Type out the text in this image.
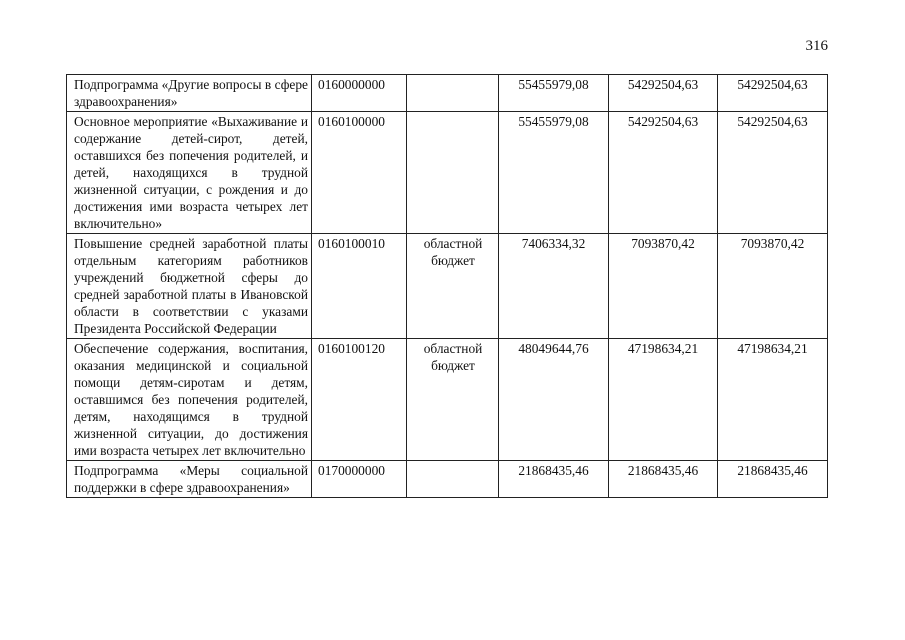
316
Подпрограмма «Другие вопросы в сфере здравоохранения»	0160000000		55455979,08	54292504,63	54292504,63
Основное мероприятие «Выхаживание и содержание детей-сирот, детей, оставшихся без попечения родителей, и детей, находящихся в трудной жизненной ситуации, с рождения и до достижения ими возраста четырех лет включительно»	0160100000		55455979,08	54292504,63	54292504,63
Повышение средней заработной платы отдельным категориям работников учреждений бюджетной сферы до средней заработной платы в Ивановской области в соответствии с указами Президента Российской Федерации	0160100010	областной бюджет	7406334,32	7093870,42	7093870,42
Обеспечение содержания, воспитания, оказания медицинской и социальной помощи детям-сиротам и детям, оставшимся без попечения родителей, детям, находящимся в трудной жизненной ситуации, до достижения ими возраста четырех лет включительно	0160100120	областной бюджет	48049644,76	47198634,21	47198634,21
Подпрограмма «Меры социальной поддержки в сфере здравоохранения»	0170000000		21868435,46	21868435,46	21868435,46
